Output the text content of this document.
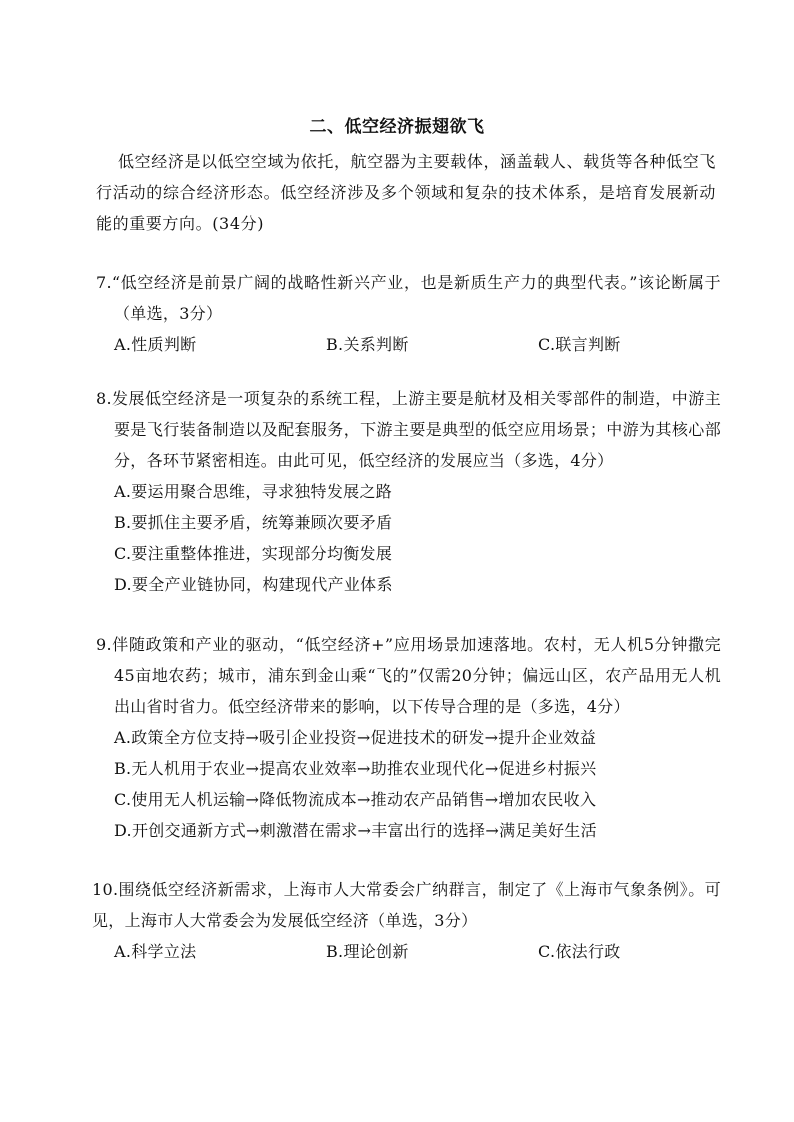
二、低空经济振翅欲飞
低空经济是以低空空域为依托，航空器为主要载体，涵盖载人、载货等各种低空飞行活动的综合经济形态。低空经济涉及多个领域和复杂的技术体系，是培育发展新动能的重要方向。(34分)
7.“低空经济是前景广阔的战略性新兴产业，也是新质生产力的典型代表。”该论断属于（单选，3分）
A.性质判断	B.关系判断	C.联言判断
8.发展低空经济是一项复杂的系统工程，上游主要是航材及相关零部件的制造，中游主要是飞行装备制造以及配套服务，下游主要是典型的低空应用场景；中游为其核心部分，各环节紧密相连。由此可见，低空经济的发展应当（多选，4分）
A.要运用聚合思维，寻求独特发展之路
B.要抓住主要矛盾，统筹兼顾次要矛盾
C.要注重整体推进，实现部分均衡发展
D.要全产业链协同，构建现代产业体系
9.伴随政策和产业的驱动，“低空经济+”应用场景加速落地。农村，无人机5分钟撒完45亩地农药；城市，浦东到金山乘“飞的”仅需20分钟；偏远山区，农产品用无人机出山省时省力。低空经济带来的影响，以下传导合理的是（多选，4分）
A.政策全方位支持→吸引企业投资→促进技术的研发→提升企业效益
B.无人机用于农业→提高农业效率→助推农业现代化→促进乡村振兴
C.使用无人机运输→降低物流成本→推动农产品销售→增加农民收入
D.开创交通新方式→刺激潜在需求→丰富出行的选择→满足美好生活
10.围绕低空经济新需求，上海市人大常委会广纳群言，制定了《上海市气象条例》。可见，上海市人大常委会为发展低空经济（单选，3分）
A.科学立法	B.理论创新	C.依法行政
